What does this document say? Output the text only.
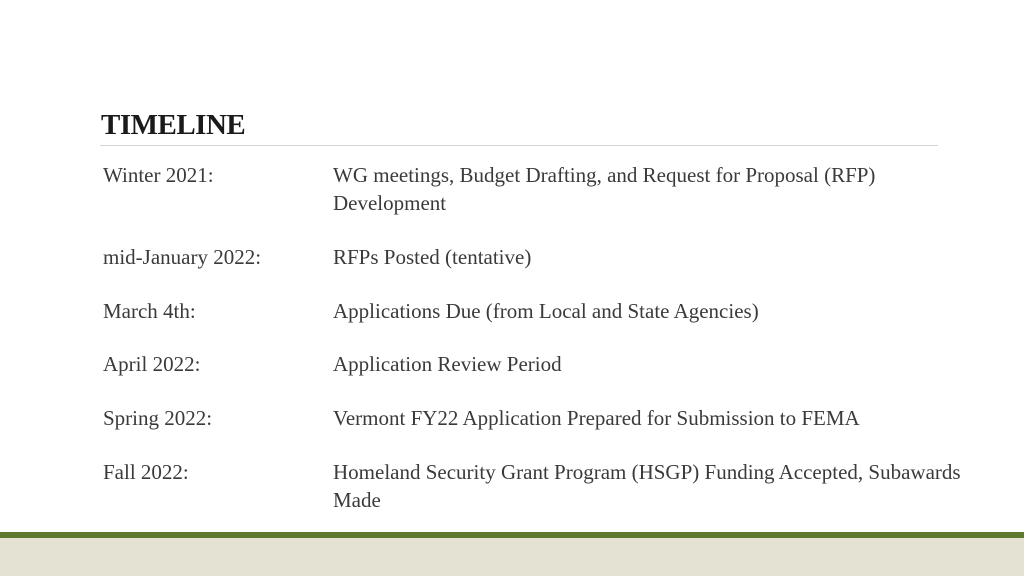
TIMELINE
Winter 2021:	WG meetings, Budget Drafting, and Request for Proposal (RFP) Development
mid-January 2022:	RFPs Posted (tentative)
March 4th:	Applications Due (from Local and State Agencies)
April 2022:	Application Review Period
Spring 2022:	Vermont FY22 Application Prepared for Submission to FEMA
Fall 2022:	Homeland Security Grant Program (HSGP) Funding Accepted, Subawards Made
